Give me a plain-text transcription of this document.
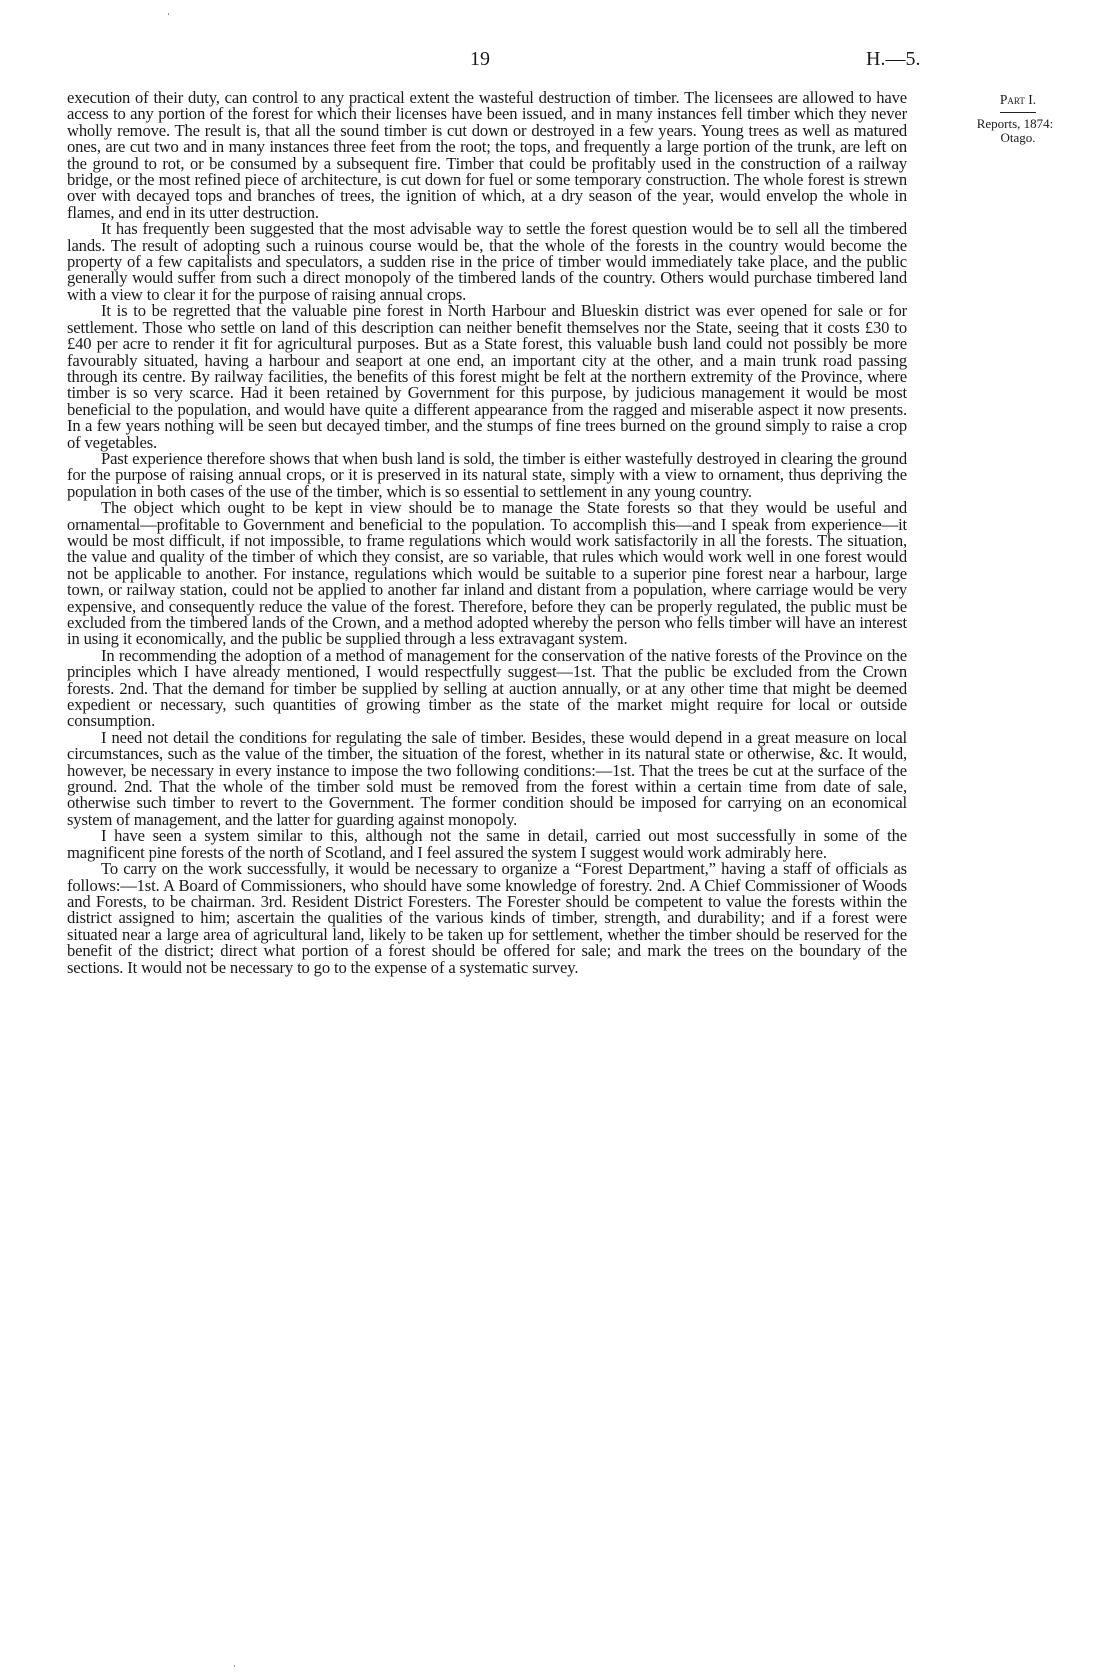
19	H.—5.
Part I.
Reports, 1874:
Otago.

execution of their duty, can control to any practical extent the wasteful destruction of timber. The licensees are allowed to have access to any portion of the forest for which their licenses have been issued, and in many instances fell timber which they never wholly remove. The result is, that all the sound timber is cut down or destroyed in a few years. Young trees as well as matured ones, are cut two and in many instances three feet from the root; the tops, and frequently a large portion of the trunk, are left on the ground to rot, or be consumed by a subsequent fire. Timber that could be profitably used in the construction of a railway bridge, or the most refined piece of architecture, is cut down for fuel or some temporary construction. The whole forest is strewn over with decayed tops and branches of trees, the ignition of which, at a dry season of the year, would envelop the whole in flames, and end in its utter destruction.

It has frequently been suggested that the most advisable way to settle the forest question would be to sell all the timbered lands. The result of adopting such a ruinous course would be, that the whole of the forests in the country would become the property of a few capitalists and speculators, a sudden rise in the price of timber would immediately take place, and the public generally would suffer from such a direct monopoly of the timbered lands of the country. Others would purchase timbered land with a view to clear it for the purpose of raising annual crops.

It is to be regretted that the valuable pine forest in North Harbour and Blueskin district was ever opened for sale or for settlement. Those who settle on land of this description can neither benefit themselves nor the State, seeing that it costs £30 to £40 per acre to render it fit for agricultural purposes. But as a State forest, this valuable bush land could not possibly be more favourably situated, having a harbour and seaport at one end, an important city at the other, and a main trunk road passing through its centre. By railway facilities, the benefits of this forest might be felt at the northern extremity of the Province, where timber is so very scarce. Had it been retained by Government for this purpose, by judicious management it would be most beneficial to the population, and would have quite a different appearance from the ragged and miserable aspect it now presents. In a few years nothing will be seen but decayed timber, and the stumps of fine trees burned on the ground simply to raise a crop of vegetables.

Past experience therefore shows that when bush land is sold, the timber is either wastefully destroyed in clearing the ground for the purpose of raising annual crops, or it is preserved in its natural state, simply with a view to ornament, thus depriving the population in both cases of the use of the timber, which is so essential to settlement in any young country.

The object which ought to be kept in view should be to manage the State forests so that they would be useful and ornamental—profitable to Government and beneficial to the population. To accomplish this—and I speak from experience—it would be most difficult, if not impossible, to frame regulations which would work satisfactorily in all the forests. The situation, the value and quality of the timber of which they consist, are so variable, that rules which would work well in one forest would not be applicable to another. For instance, regulations which would be suitable to a superior pine forest near a harbour, large town, or railway station, could not be applied to another far inland and distant from a population, where carriage would be very expensive, and consequently reduce the value of the forest. Therefore, before they can be properly regulated, the public must be excluded from the timbered lands of the Crown, and a method adopted whereby the person who fells timber will have an interest in using it economically, and the public be supplied through a less extravagant system.

In recommending the adoption of a method of management for the conservation of the native forests of the Province on the principles which I have already mentioned, I would respectfully suggest—1st. That the public be excluded from the Crown forests. 2nd. That the demand for timber be supplied by selling at auction annually, or at any other time that might be deemed expedient or necessary, such quantities of growing timber as the state of the market might require for local or outside consumption.

I need not detail the conditions for regulating the sale of timber. Besides, these would depend in a great measure on local circumstances, such as the value of the timber, the situation of the forest, whether in its natural state or otherwise, &c. It would, however, be necessary in every instance to impose the two following conditions:—1st. That the trees be cut at the surface of the ground. 2nd. That the whole of the timber sold must be removed from the forest within a certain time from date of sale, otherwise such timber to revert to the Government. The former condition should be imposed for carrying on an economical system of management, and the latter for guarding against monopoly.

I have seen a system similar to this, although not the same in detail, carried out most successfully in some of the magnificent pine forests of the north of Scotland, and I feel assured the system I suggest would work admirably here.

To carry on the work successfully, it would be necessary to organize a “Forest Department,” having a staff of officials as follows:—1st. A Board of Commissioners, who should have some knowledge of forestry. 2nd. A Chief Commissioner of Woods and Forests, to be chairman. 3rd. Resident District Foresters. The Forester should be competent to value the forests within the district assigned to him; ascertain the qualities of the various kinds of timber, strength, and durability; and if a forest were situated near a large area of agricultural land, likely to be taken up for settlement, whether the timber should be reserved for the benefit of the district; direct what portion of a forest should be offered for sale; and mark the trees on the boundary of the sections. It would not be necessary to go to the expense of a systematic survey.
